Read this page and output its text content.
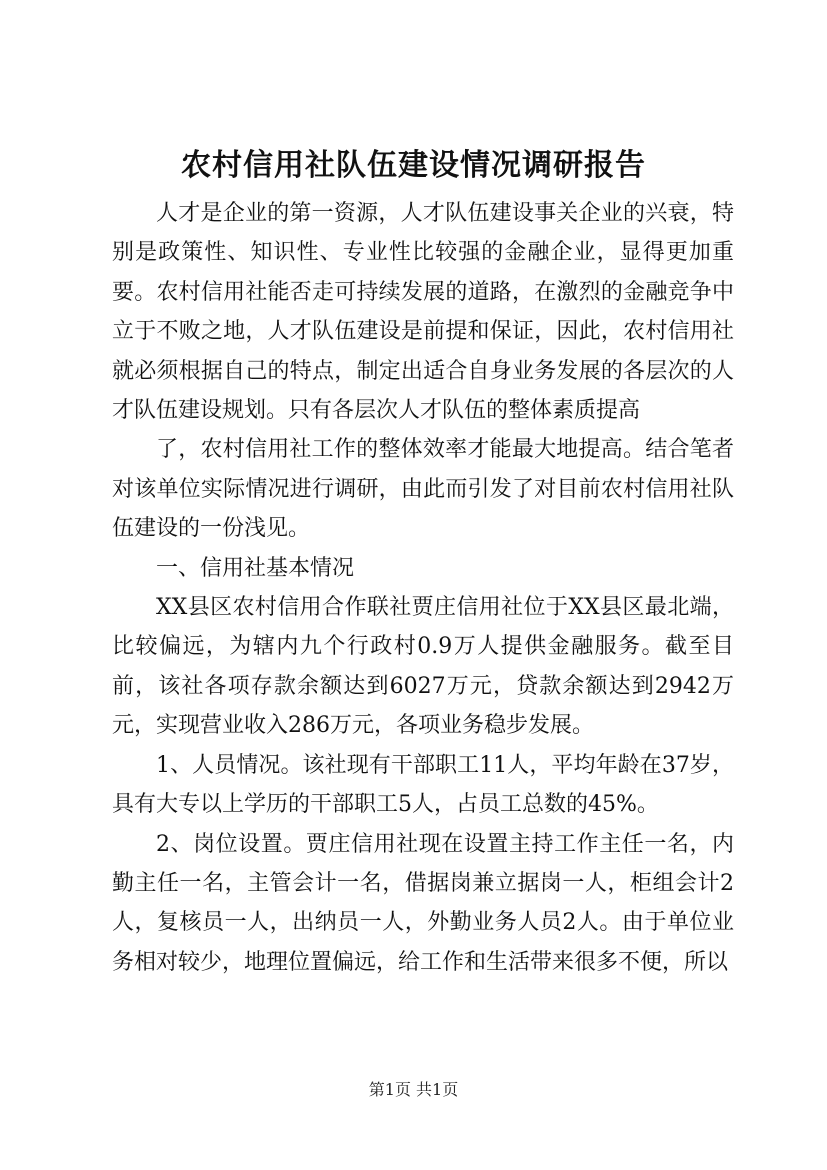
农村信用社队伍建设情况调研报告

人才是企业的第一资源，人才队伍建设事关企业的兴衰，特别是政策性、知识性、专业性比较强的金融企业，显得更加重要。农村信用社能否走可持续发展的道路，在激烈的金融竞争中立于不败之地，人才队伍建设是前提和保证，因此，农村信用社就必须根据自己的特点，制定出适合自身业务发展的各层次的人才队伍建设规划。只有各层次人才队伍的整体素质提高

了，农村信用社工作的整体效率才能最大地提高。结合笔者对该单位实际情况进行调研，由此而引发了对目前农村信用社队伍建设的一份浅见。

一、信用社基本情况

XX县区农村信用合作联社贾庄信用社位于XX县区最北端，比较偏远，为辖内九个行政村0.9万人提供金融服务。截至目前，该社各项存款余额达到6027万元，贷款余额达到2942万元，实现营业收入286万元，各项业务稳步发展。

1、人员情况。该社现有干部职工11人，平均年龄在37岁，具有大专以上学历的干部职工5人，占员工总数的45%。

2、岗位设置。贾庄信用社现在设置主持工作主任一名，内勤主任一名，主管会计一名，借据岗兼立据岗一人，柜组会计2人，复核员一人，出纳员一人，外勤业务人员2人。由于单位业务相对较少，地理位置偏远，给工作和生活带来很多不便，所以

第1页 共1页
